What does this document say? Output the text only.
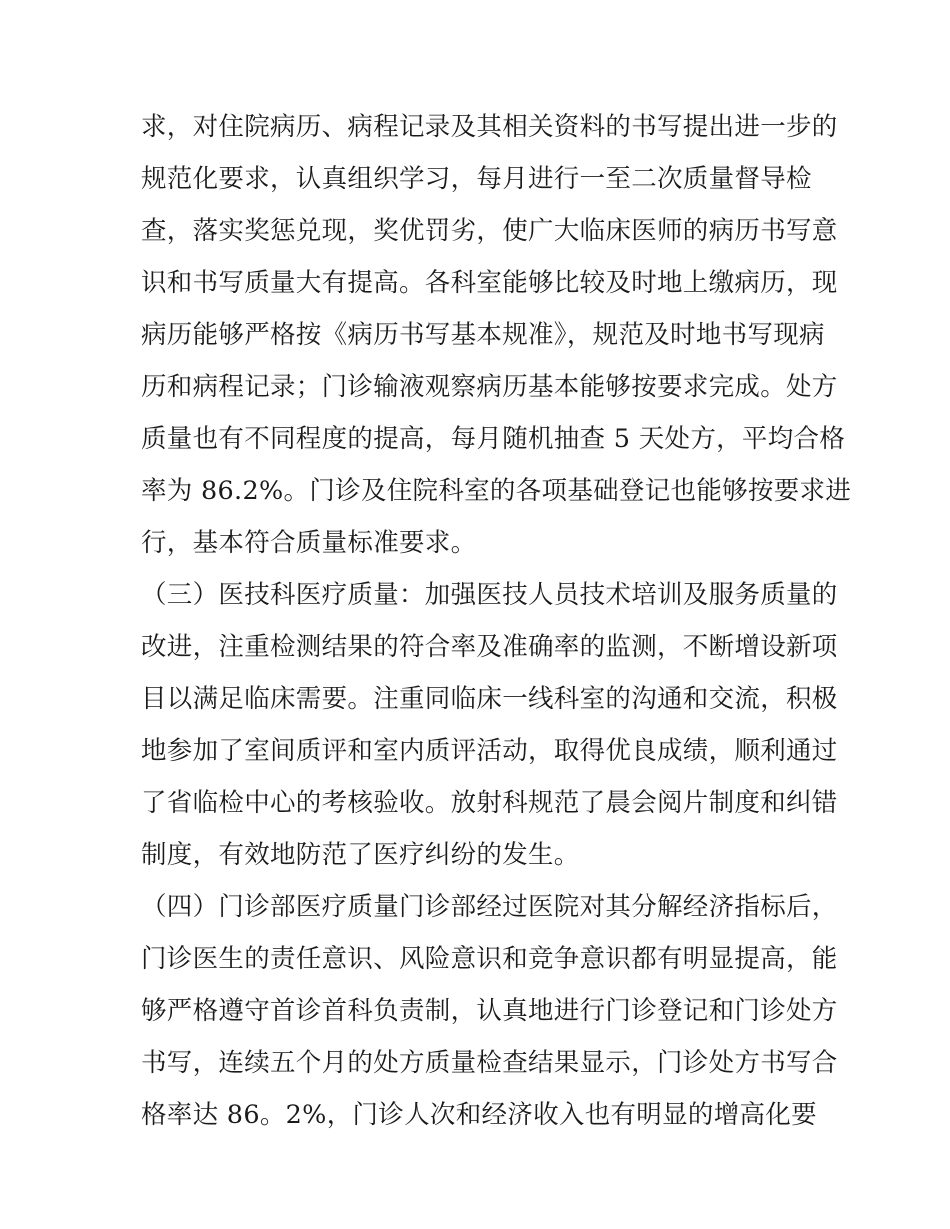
求，对住院病历、病程记录及其相关资料的书写提出进一步的
规范化要求，认真组织学习，每月进行一至二次质量督导检
查，落实奖惩兑现，奖优罚劣，使广大临床医师的病历书写意
识和书写质量大有提高。各科室能够比较及时地上缴病历，现
病历能够严格按《病历书写基本规准》，规范及时地书写现病
历和病程记录；门诊输液观察病历基本能够按要求完成。处方
质量也有不同程度的提高，每月随机抽查 5 天处方，平均合格
率为 86.2%。门诊及住院科室的各项基础登记也能够按要求进
行，基本符合质量标准要求。
（三）医技科医疗质量：加强医技人员技术培训及服务质量的
改进，注重检测结果的符合率及准确率的监测，不断增设新项
目以满足临床需要。注重同临床一线科室的沟通和交流，积极
地参加了室间质评和室内质评活动，取得优良成绩，顺利通过
了省临检中心的考核验收。放射科规范了晨会阅片制度和纠错
制度，有效地防范了医疗纠纷的发生。
（四）门诊部医疗质量门诊部经过医院对其分解经济指标后，
门诊医生的责任意识、风险意识和竞争意识都有明显提高，能
够严格遵守首诊首科负责制，认真地进行门诊登记和门诊处方
书写，连续五个月的处方质量检查结果显示，门诊处方书写合
格率达 86。2%，门诊人次和经济收入也有明显的增高化要
